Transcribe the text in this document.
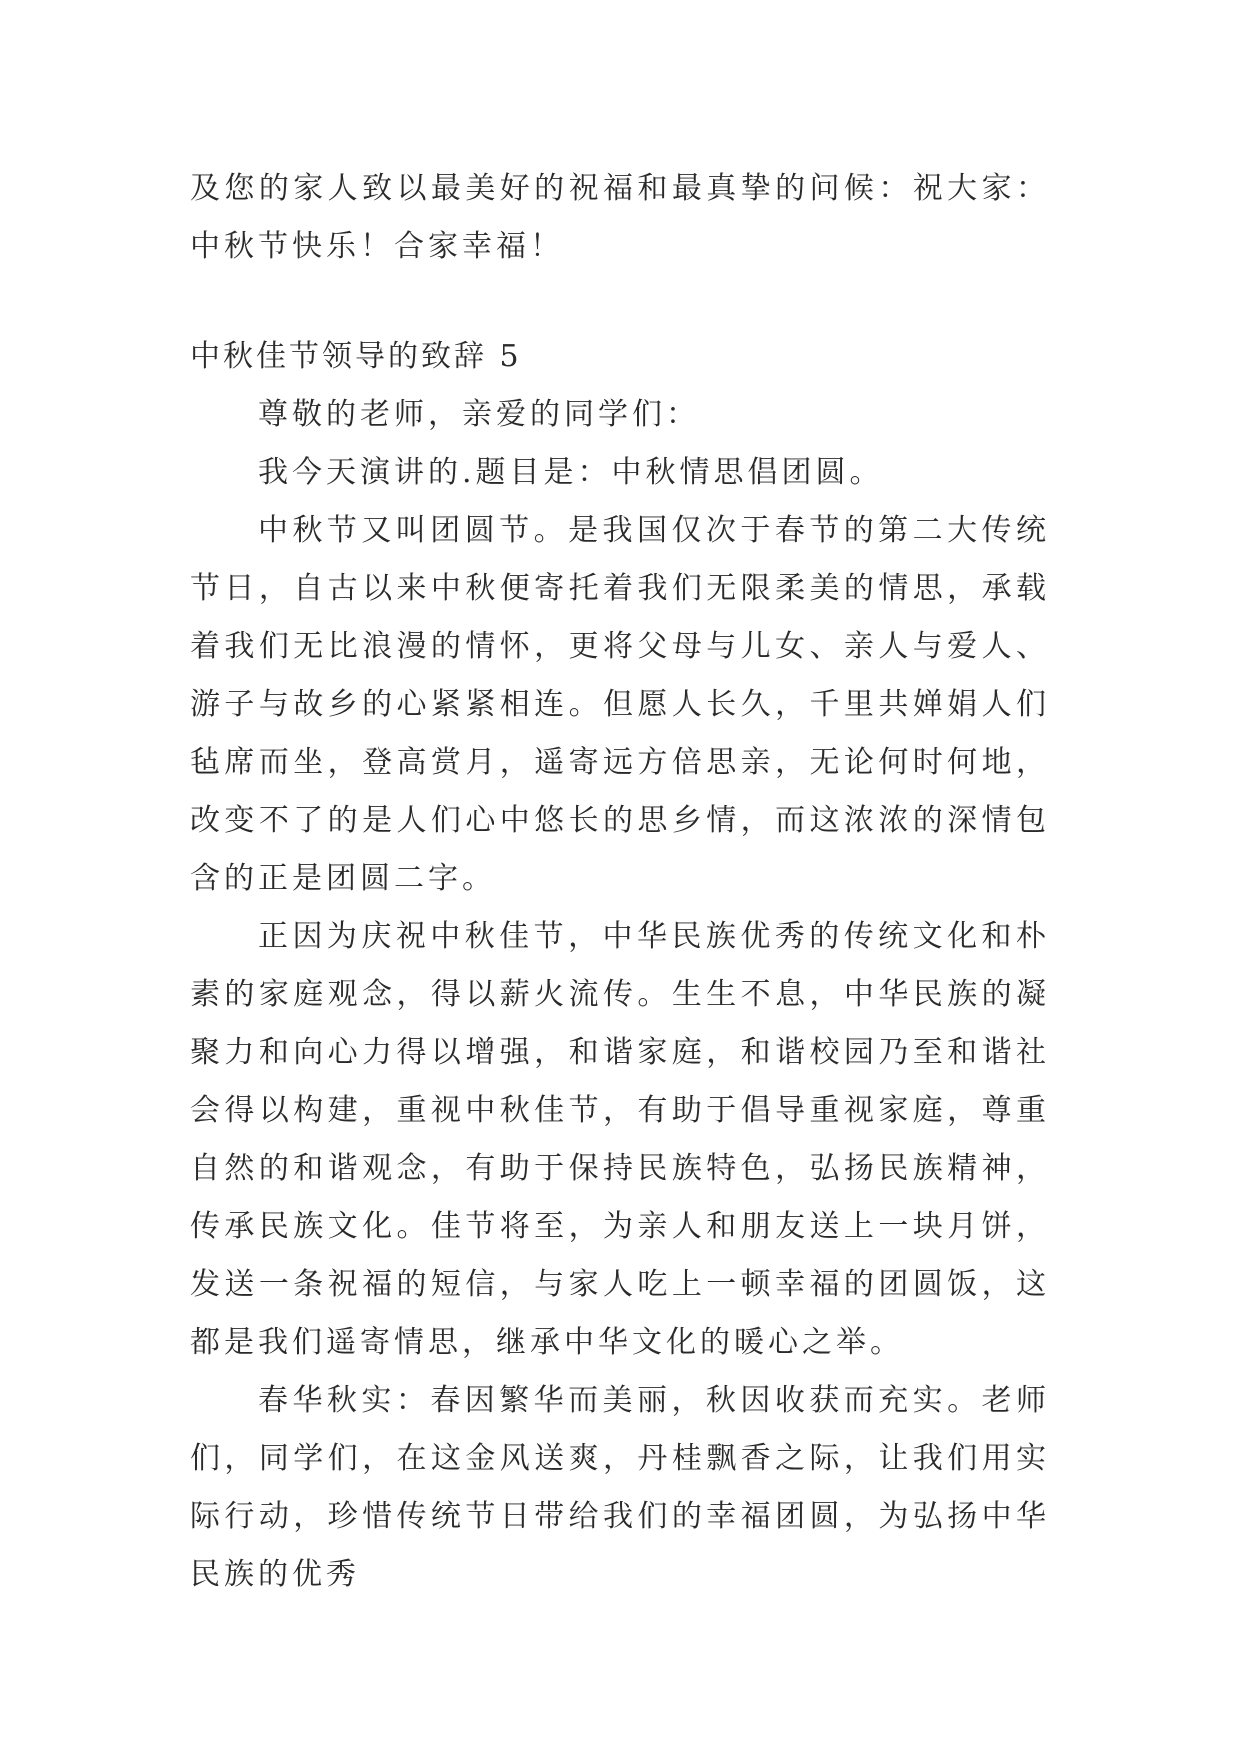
及您的家人致以最美好的祝福和最真挚的问候：祝大家：中秋节快乐！合家幸福！

中秋佳节领导的致辞 5

尊敬的老师，亲爱的同学们：

我今天演讲的.题目是：中秋情思倡团圆。

中秋节又叫团圆节。是我国仅次于春节的第二大传统节日，自古以来中秋便寄托着我们无限柔美的情思，承载着我们无比浪漫的情怀，更将父母与儿女、亲人与爱人、游子与故乡的心紧紧相连。但愿人长久，千里共婵娟人们毡席而坐，登高赏月，遥寄远方倍思亲，无论何时何地，改变不了的是人们心中悠长的思乡情，而这浓浓的深情包含的正是团圆二字。

正因为庆祝中秋佳节，中华民族优秀的传统文化和朴素的家庭观念，得以薪火流传。生生不息，中华民族的凝聚力和向心力得以增强，和谐家庭，和谐校园乃至和谐社会得以构建，重视中秋佳节，有助于倡导重视家庭，尊重自然的和谐观念，有助于保持民族特色，弘扬民族精神，传承民族文化。佳节将至，为亲人和朋友送上一块月饼，发送一条祝福的短信，与家人吃上一顿幸福的团圆饭，这都是我们遥寄情思，继承中华文化的暖心之举。

春华秋实：春因繁华而美丽，秋因收获而充实。老师们，同学们，在这金风送爽，丹桂飘香之际，让我们用实际行动，珍惜传统节日带给我们的幸福团圆，为弘扬中华民族的优秀
